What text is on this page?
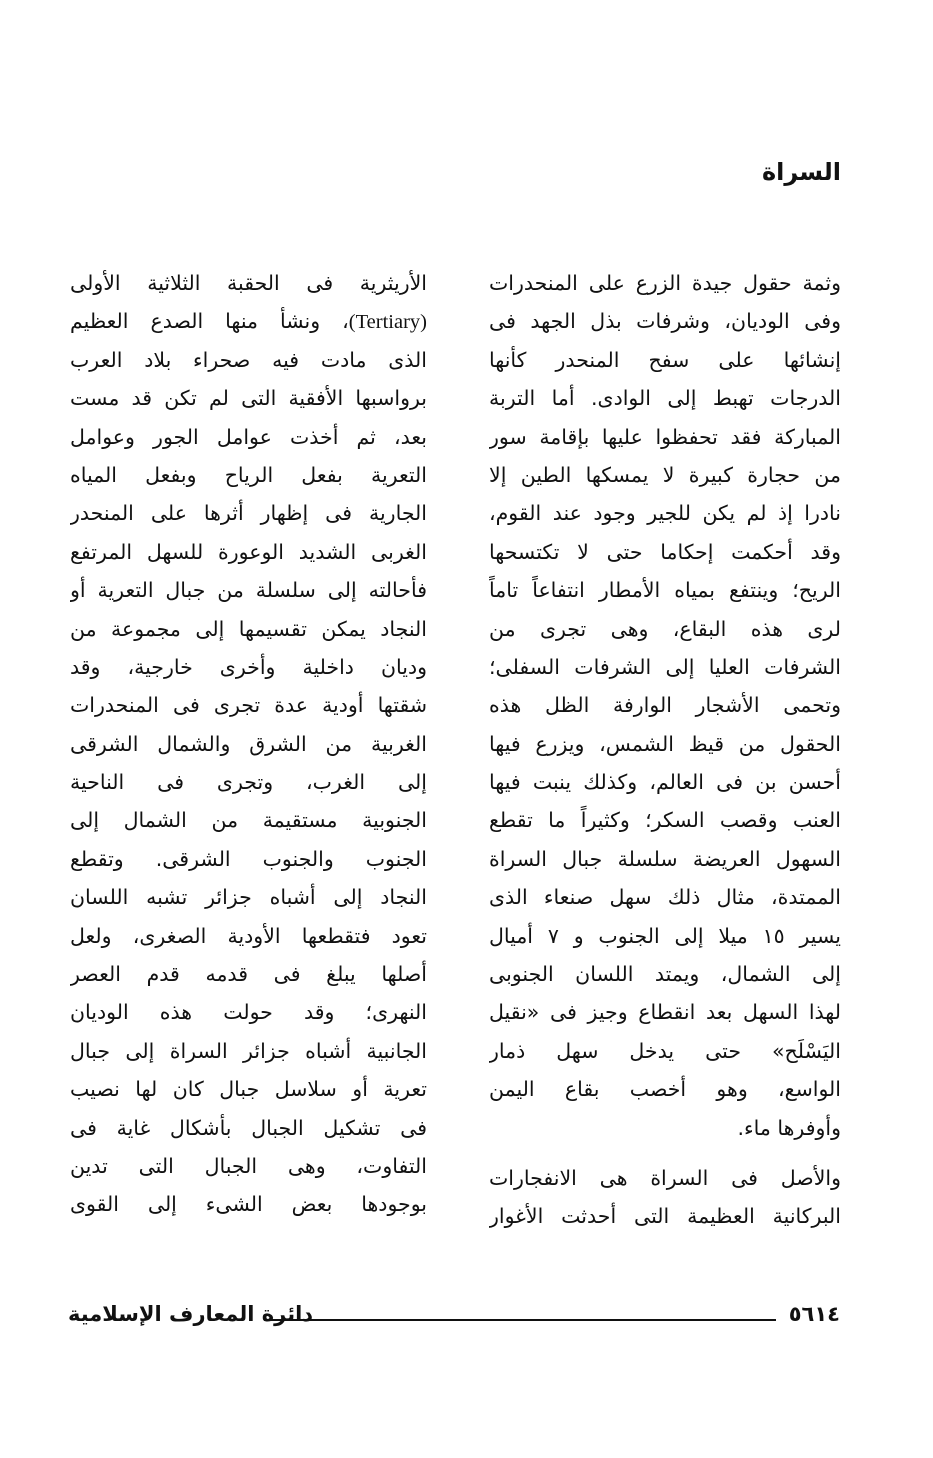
السراة
وثمة حقول جيدة الزرع على المنحدرات
وفى الوديان، وشرفات بذل الجهد فى
إنشائها على سفح المنحدر كأنها
الدرجات تهبط إلى الوادى. أما التربة
المباركة فقد تحفظوا عليها بإقامة سور
من حجارة كبيرة لا يمسكها الطين إلا
نادرا إذ لم يكن للجير وجود عند القوم،
وقد أحكمت إحكاما حتى لا تكتسحها
الريح؛ وينتفع بمياه الأمطار انتفاعاً تاماً
لرى هذه البقاع، وهى تجرى من
الشرفات العليا إلى الشرفات السفلى؛
وتحمى الأشجار الوارفة الظل هذه
الحقول من قيظ الشمس، ويزرع فيها
أحسن بن فى العالم، وكذلك ينبت فيها
العنب وقصب السكر؛ وكثيراً ما تقطع
السهول العريضة سلسلة جبال السراة
الممتدة، مثال ذلك سهل صنعاء الذى
يسير ١٥ ميلا إلى الجنوب و ٧ أميال
إلى الشمال، ويمتد اللسان الجنوبى
لهذا السهل بعد انقطاع وجيز فى «نقيل
اليَسْلَح» حتى يدخل سهل ذمار
الواسع، وهو أخصب بقاع اليمن
وأوفرها ماء.
والأصل فى السراة هى الانفجارات
البركانية العظيمة التى أحدثت الأغوار
الأريثرية فى الحقبة الثلاثية الأولى
(Tertiary)، ونشأ منها الصدع العظيم
الذى مادت فيه صحراء بلاد العرب
برواسبها الأفقية التى لم تكن قد مست
بعد، ثم أخذت عوامل الجور وعوامل
التعرية بفعل الرياح وبفعل المياه
الجارية فى إظهار أثرها على المنحدر
الغربى الشديد الوعورة للسهل المرتفع
فأحالته إلى سلسلة من جبال التعرية أو
النجاد يمكن تقسيمها إلى مجموعة من
وديان داخلية وأخرى خارجية، وقد
شقتها أودية عدة تجرى فى المنحدرات
الغربية من الشرق والشمال الشرقى
إلى الغرب، وتجرى فى الناحية
الجنوبية مستقيمة من الشمال إلى
الجنوب والجنوب الشرقى. وتقطع
النجاد إلى أشباه جزائر تشبه اللسان
تعود فتقطعها الأودية الصغرى، ولعل
أصلها يبلغ فى قدمه قدم العصر
النهرى؛ وقد حولت هذه الوديان
الجانبية أشباه جزائر السراة إلى جبال
تعرية أو سلاسل جبال كان لها نصيب
فى تشكيل الجبال بأشكال غاية فى
التفاوت، وهى الجبال التى تدين
بوجودها بعض الشىء إلى القوى
٥٦١٤
دائرة المعارف الإسلامية
